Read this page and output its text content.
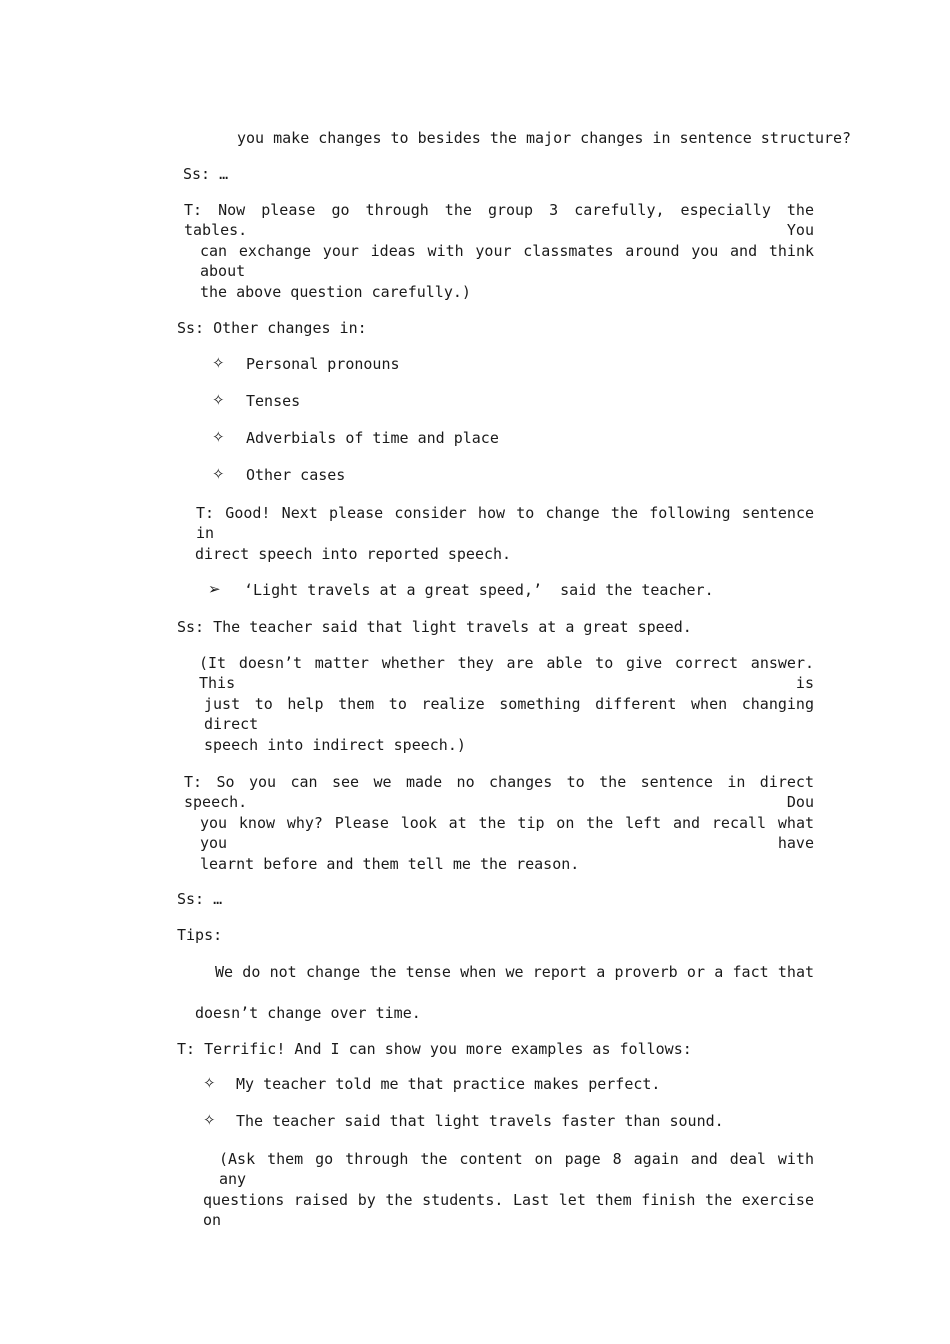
you make changes to besides the major changes in sentence structure?
Ss: …
T: Now please go through the group 3 carefully, especially the tables. You
can exchange your ideas with your classmates around you and think about
the above question carefully.)
Ss: Other changes in:
✧ Personal pronouns
✧ Tenses
✧ Adverbials of time and place
✧ Other cases
T: Good! Next please consider how to change the following sentence in
direct speech into reported speech.
➢ ‘Light travels at a great speed,’  said the teacher.
Ss: The teacher said that light travels at a great speed.
(It doesn’t matter whether they are able to give correct answer. This is
just to help them to realize something different when changing direct
speech into indirect speech.)
T: So you can see we made no changes to the sentence in direct speech. Dou
you know why? Please look at the tip on the left and recall what you have
learnt before and them tell me the reason.
Ss: …
Tips:
We do not change the tense when we report a proverb or a fact that
doesn’t change over time.
T: Terrific! And I can show you more examples as follows:
✧ My teacher told me that practice makes perfect.
✧ The teacher said that light travels faster than sound.
(Ask them go through the content on page 8 again and deal with any
questions raised by the students. Last let them finish the exercise on
